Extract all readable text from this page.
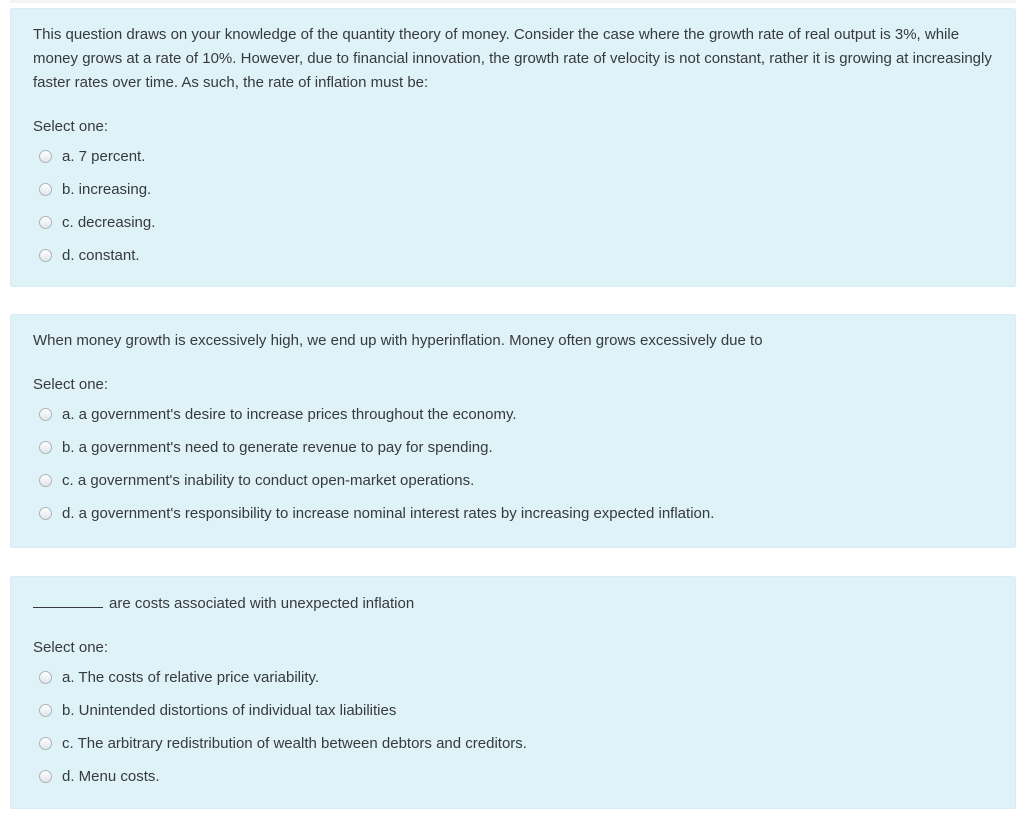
This question draws on your knowledge of the quantity theory of money. Consider the case where the growth rate of real output is 3%, while money grows at a rate of 10%. However, due to financial innovation, the growth rate of velocity is not constant, rather it is growing at increasingly faster rates over time. As such, the rate of inflation must be:

Select one:
a. 7 percent.
b. increasing.
c. decreasing.
d. constant.

When money growth is excessively high, we end up with hyperinflation. Money often grows excessively due to

Select one:
a. a government's desire to increase prices throughout the economy.
b. a government's need to generate revenue to pay for spending.
c. a government's inability to conduct open-market operations.
d. a government's responsibility to increase nominal interest rates by increasing expected inflation.

are costs associated with unexpected inflation

Select one:
a. The costs of relative price variability.
b. Unintended distortions of individual tax liabilities
c. The arbitrary redistribution of wealth between debtors and creditors.
d. Menu costs.
